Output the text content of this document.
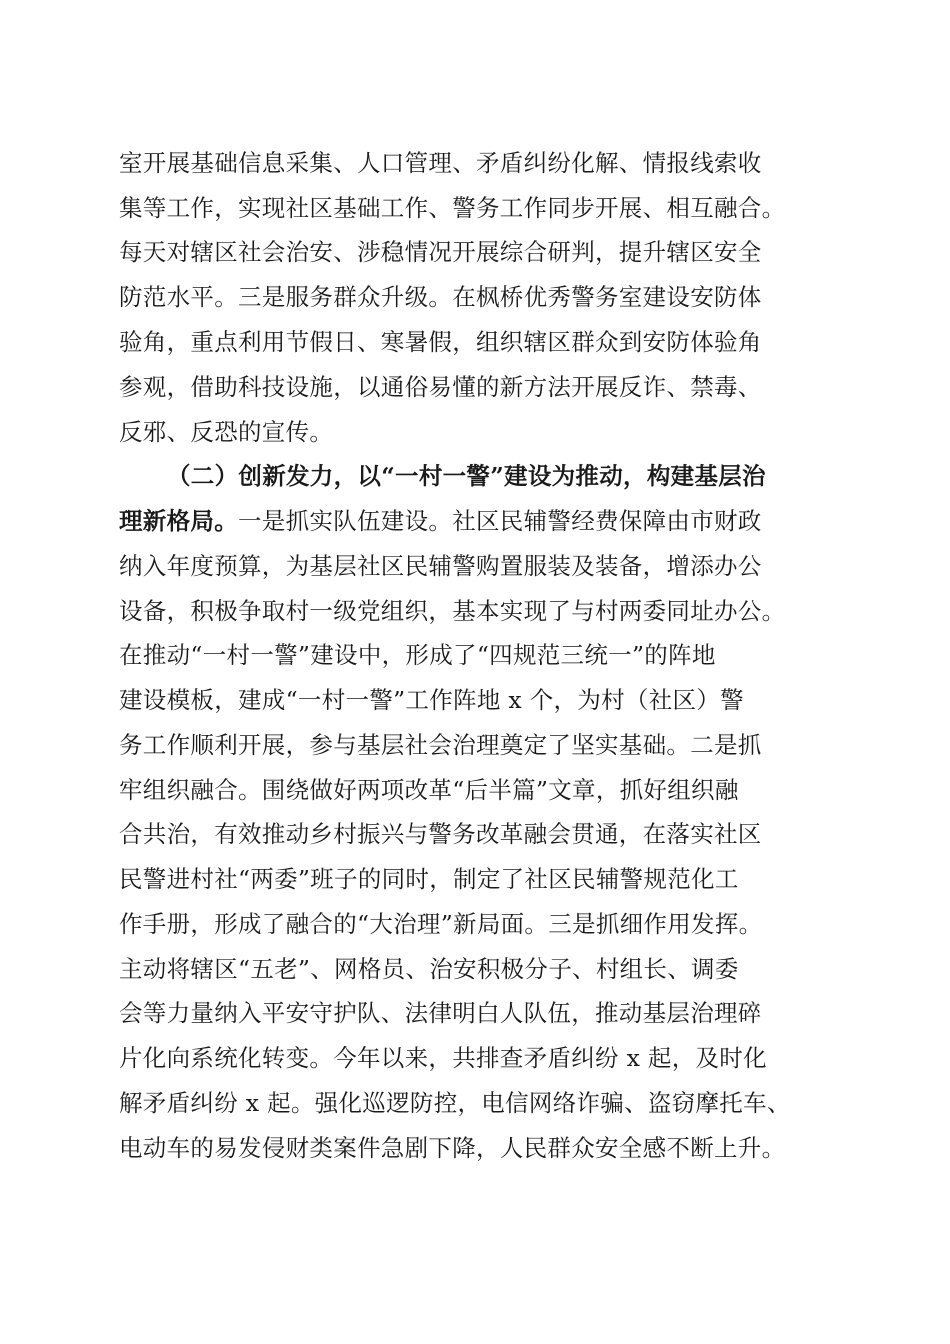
室开展基础信息采集、人口管理、矛盾纠纷化解、情报线索收
集等工作，实现社区基础工作、警务工作同步开展、相互融合。
每天对辖区社会治安、涉稳情况开展综合研判，提升辖区安全
防范水平。三是服务群众升级。在枫桥优秀警务室建设安防体
验角，重点利用节假日、寒暑假，组织辖区群众到安防体验角
参观，借助科技设施，以通俗易懂的新方法开展反诈、禁毒、
反邪、反恐的宣传。
（二）创新发力，以“一村一警”建设为推动，构建基层治
理新格局。一是抓实队伍建设。社区民辅警经费保障由市财政
纳入年度预算，为基层社区民辅警购置服装及装备，增添办公
设备，积极争取村一级党组织，基本实现了与村两委同址办公。
在推动“一村一警”建设中，形成了“四规范三统一”的阵地
建设模板，建成“一村一警”工作阵地 x 个，为村（社区）警
务工作顺利开展，参与基层社会治理奠定了坚实基础。二是抓
牢组织融合。围绕做好两项改革“后半篇”文章，抓好组织融
合共治，有效推动乡村振兴与警务改革融会贯通，在落实社区
民警进村社“两委”班子的同时，制定了社区民辅警规范化工
作手册，形成了融合的“大治理”新局面。三是抓细作用发挥。
主动将辖区“五老”、网格员、治安积极分子、村组长、调委
会等力量纳入平安守护队、法律明白人队伍，推动基层治理碎
片化向系统化转变。今年以来，共排查矛盾纠纷 x 起，及时化
解矛盾纠纷 x 起。强化巡逻防控，电信网络诈骗、盗窃摩托车、
电动车的易发侵财类案件急剧下降，人民群众安全感不断上升。
